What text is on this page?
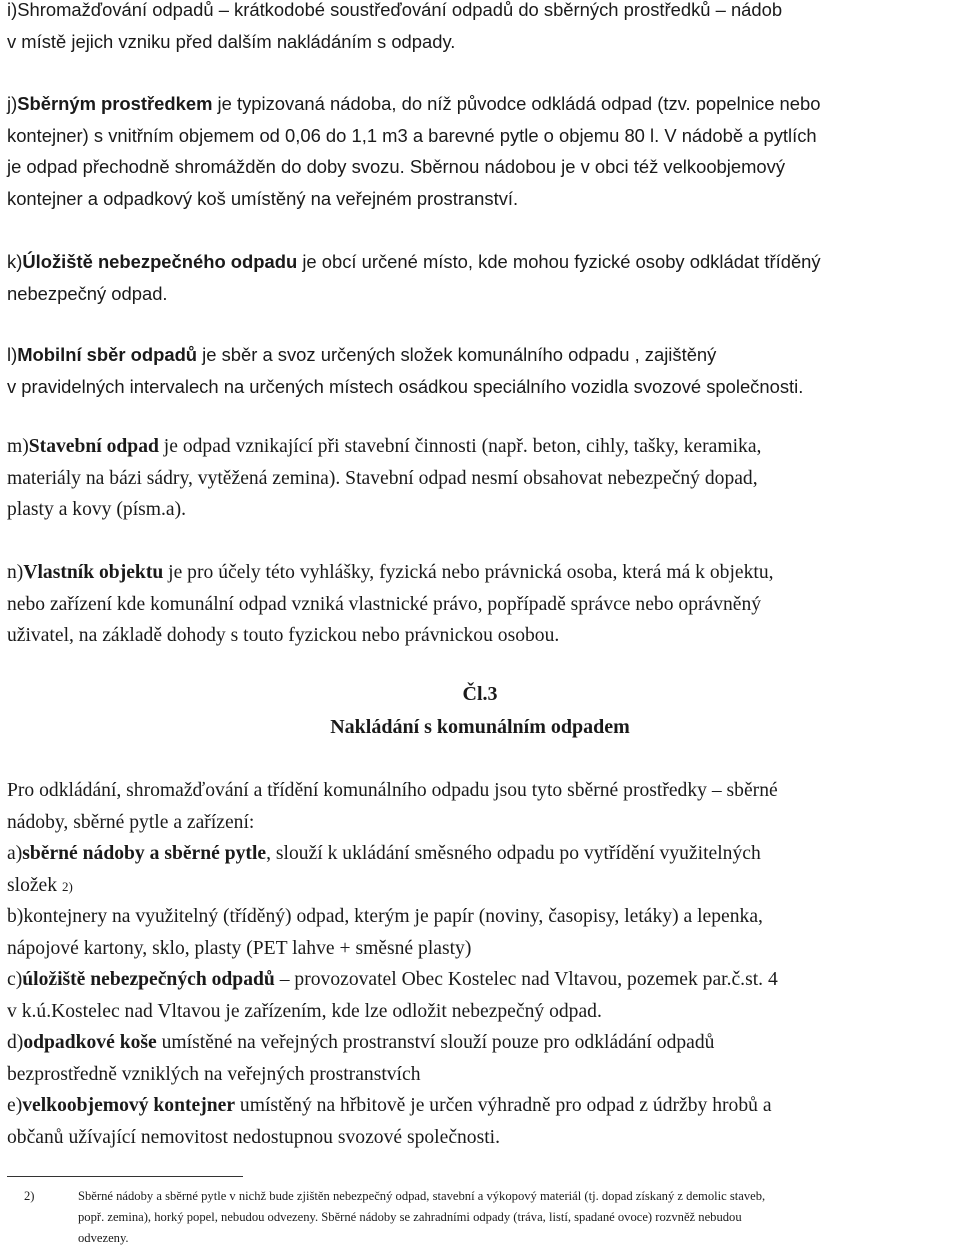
i)Shromažďování odpadů – krátkodobé soustřeďování odpadů do sběrných prostředků – nádob
v místě jejich vzniku před dalším nakládáním s odpady.

j)Sběrným prostředkem je typizovaná nádoba, do níž původce odkládá odpad (tzv. popelnice nebo
kontejner) s vnitřním objemem od 0,06 do 1,1 m3 a barevné pytle o objemu 80 l. V nádobě a pytlích
je odpad přechodně shromážděn do doby svozu. Sběrnou nádobou je v obci též velkoobjemový
kontejner a odpadkový koš umístěný na veřejném prostranství.

k)Úložiště nebezpečného odpadu je obcí určené místo, kde mohou fyzické osoby odkládat tříděný
nebezpečný odpad.

l)Mobilní sběr odpadů je sběr a svoz určených složek komunálního odpadu , zajištěný
v pravidelných intervalech na určených místech osádkou speciálního vozidla svozové společnosti.

m)Stavební odpad je odpad vznikající při stavební činnosti (např. beton, cihly, tašky, keramika,
materiály na bázi sádry, vytěžená zemina). Stavební odpad nesmí obsahovat nebezpečný dopad,
plasty a kovy (písm.a).

n)Vlastník objektu je pro účely této vyhlášky, fyzická nebo právnická osoba, která má k objektu,
nebo zařízení kde komunální odpad vzniká vlastnické právo, popřípadě správce nebo oprávněný
uživatel, na základě dohody s touto fyzickou nebo právnickou osobou.

Čl.3

Nakládání s komunálním odpadem

Pro odkládání, shromažďování a třídění komunálního odpadu jsou tyto sběrné prostředky – sběrné
nádoby, sběrné pytle a zařízení:
a)sběrné nádoby a sběrné pytle, slouží k ukládání směsného odpadu po vytřídění využitelných
složek 2)
b)kontejnery na využitelný (tříděný) odpad, kterým je papír (noviny, časopisy, letáky) a lepenka,
nápojové kartony, sklo, plasty (PET lahve + směsné plasty)
c)úložiště nebezpečných odpadů – provozovatel Obec Kostelec nad Vltavou, pozemek par.č.st. 4
v k.ú.Kostelec nad Vltavou je zařízením, kde lze odložit nebezpečný odpad.
d)odpadkové koše umístěné na veřejných prostranství slouží pouze pro odkládání odpadů
bezprostředně vzniklých na veřejných prostranstvích
e)velkoobjemový kontejner umístěný na hřbitově je určen výhradně pro odpad z údržby hrobů a
občanů užívající nemovitost nedostupnou svozové společnosti.

2)	Sběrné nádoby a sběrné pytle v nichž bude zjištěn nebezpečný odpad, stavební a výkopový materiál (tj. dopad získaný z demolic staveb,
popř. zemina), horký popel, nebudou odvezeny. Sběrné nádoby se zahradními odpady (tráva, listí, spadané ovoce) rozvněž nebudou
odvezeny.
